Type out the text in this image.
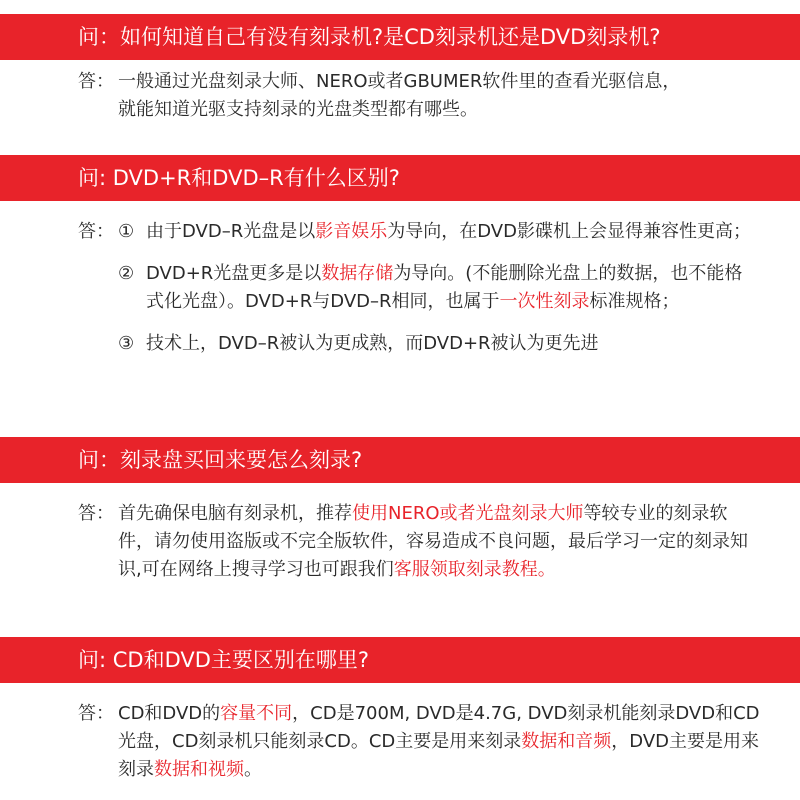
问：如何知道自己有没有刻录机?是CD刻录机还是DVD刻录机?
答： 一般通过光盘刻录大师、NERO或者GBUMER软件里的查看光驱信息，
就能知道光驱支持刻录的光盘类型都有哪些。
问: DVD+R和DVD–R有什么区别?
答： ① 由于DVD–R光盘是以影音娱乐为导向，在DVD影碟机上会显得兼容性更高；
② DVD+R光盘更多是以数据存储为导向。(不能删除光盘上的数据，也不能格式化光盘）。DVD+R与DVD–R相同，也属于一次性刻录标准规格；
③ 技术上，DVD–R被认为更成熟，而DVD+R被认为更先进
问：刻录盘买回来要怎么刻录?
答： 首先确保电脑有刻录机，推荐使用NERO或者光盘刻录大师等较专业的刻录软件，请勿使用盗版或不完全版软件，容易造成不良问题，最后学习一定的刻录知识,可在网络上搜寻学习也可跟我们客服领取刻录教程。
问: CD和DVD主要区别在哪里?
答： CD和DVD的容量不同，CD是700M, DVD是4.7G, DVD刻录机能刻录DVD和CD光盘，CD刻录机只能刻录CD。CD主要是用来刻录数据和音频，DVD主要是用来刻录数据和视频。
